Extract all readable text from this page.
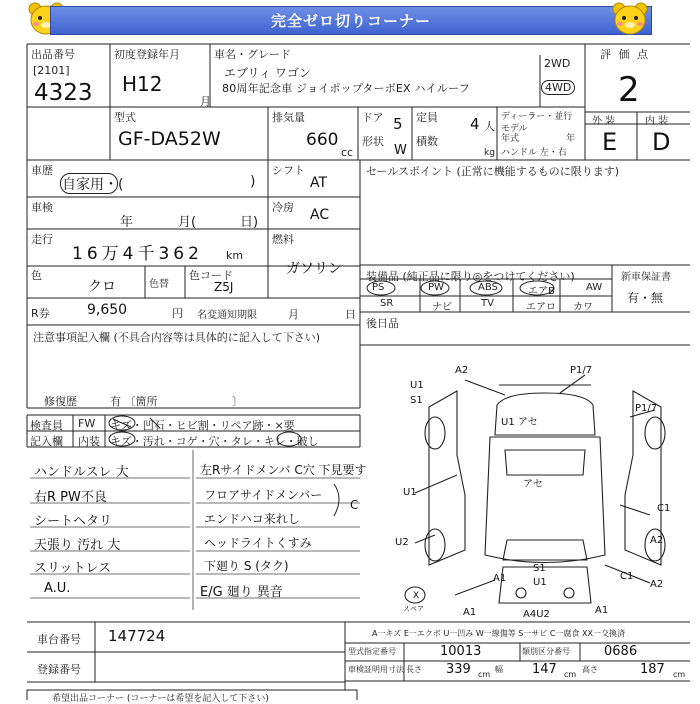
完全ゼロ切りコーナー
出品番号
[2101]
4323
初度登録年月
H12
月
車名・グレード
エブリィ ワゴン
80周年記念車 ジョイポップターボEX ハイルーフ
2WD
4WD
評 価 点
2
外 装	内 装
E D
型式
GF-DA52W
排気量
660
cc
ドア 5
形状
W
定員 4 人
積数
kg
ディーラー・並行
モデル
年式	年
ハンドル 左・右
車歴
自家用・(	)
シフト
AT
車検
年	月(	日)
冷房 AC
走行
16万4千362 km
燃料
ガソリン
色
クロ	色替
色コード
Z5J
R券	9,650	円 名変通知期限	月	日
セールスポイント (正常に機能するものに限ります)
装備品 (純正品に限り◎をつけてください)	新車保証書
有・無
PS	PW	ABS	エアB	AW
SR	ナビ	TV	エアロ カワ
後日品
注意事項記入欄 (不具合内容等は具体的に記入して下さい)
修復歴	有 〔箇所	〕
検査員
記入欄
FW
内装
キズ・凹石・ヒビ割・リペア跡・×要
キズ・汚れ・コゲ・穴・タレ・キレ・破し
ハンドルスレ 大
右R PW不良
シートヘタリ
天張り 汚れ 大
スリットレス
A.U.
左Rサイドメンバ C穴 下見要す
フロアサイドメンバー
エンドハコ来れし
ヘッドライトくすみ
下廻り S (タク)
E/G 廻り 異音
C
A2	P1/7
U1
S1
U1 アセ
P1/7
アセ
U1
C1
U2	A2
S1
U1
C1
A2
A1
A4U2	A1
A1
スペア
X
車台番号 147724
登録番号
A一キズ E一エクボ U一凹み W一線傷等 S一サビ C一腐食 XX一交換済
型式指定番号	10013	類別区分番号	0686
車検証明用寸法 長さ 339 cm
幅 147 cm
高さ	187 cm
希望出品コーナー (コーナーは希望を記入して下さい)
